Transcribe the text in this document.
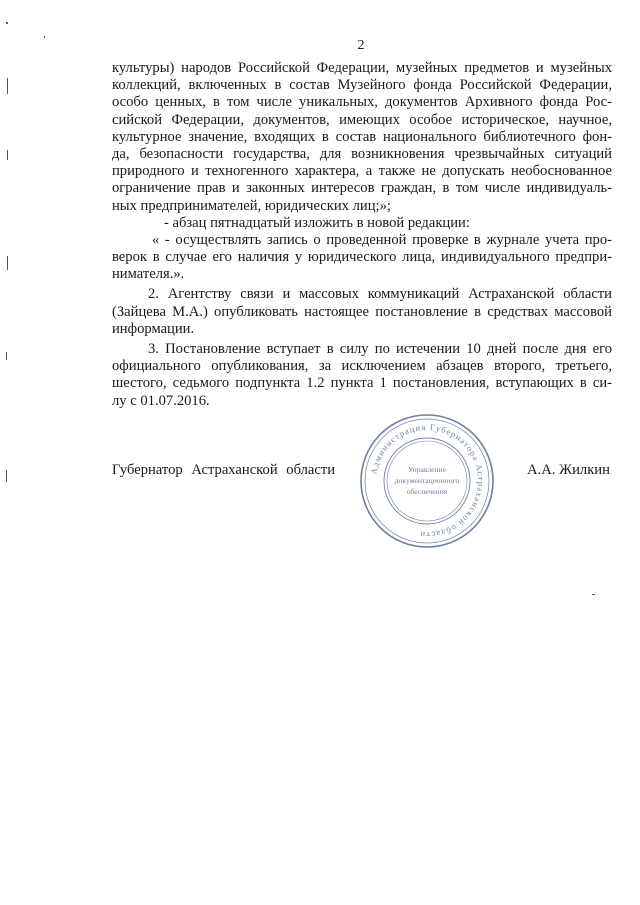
2
культуры) народов Российской Федерации, музейных предметов и музейных
коллекций, включенных в состав Музейного фонда Российской Федерации,
особо ценных, в том числе уникальных, документов Архивного фонда Рос-
сийской Федерации, документов, имеющих особое историческое, научное,
культурное значение, входящих в состав национального библиотечного фон-
да, безопасности государства, для возникновения чрезвычайных ситуаций
природного и техногенного характера, а также не допускать необоснованное
ограничение прав и законных интересов граждан, в том числе индивидуаль-
ных предпринимателей, юридических лиц;»;
- абзац пятнадцатый изложить в новой редакции:
« - осуществлять запись о проведенной проверке в журнале учета про-
верок в случае его наличия у юридического лица, индивидуального предпри-
нимателя.».
2. Агентству связи и массовых коммуникаций Астраханской области
(Зайцева М.А.) опубликовать настоящее постановление в средствах массовой
информации.
3. Постановление вступает в силу по истечении 10 дней после дня его
официального опубликования, за исключением абзацев второго, третьего,
шестого, седьмого подпункта 1.2 пункта 1 постановления, вступающих в си-
лу с 01.07.2016.
Губернатор Астраханской области	А.А. Жилкин
Администрация Губернатора Астраханской области
Управление
документационного
обеспечения
